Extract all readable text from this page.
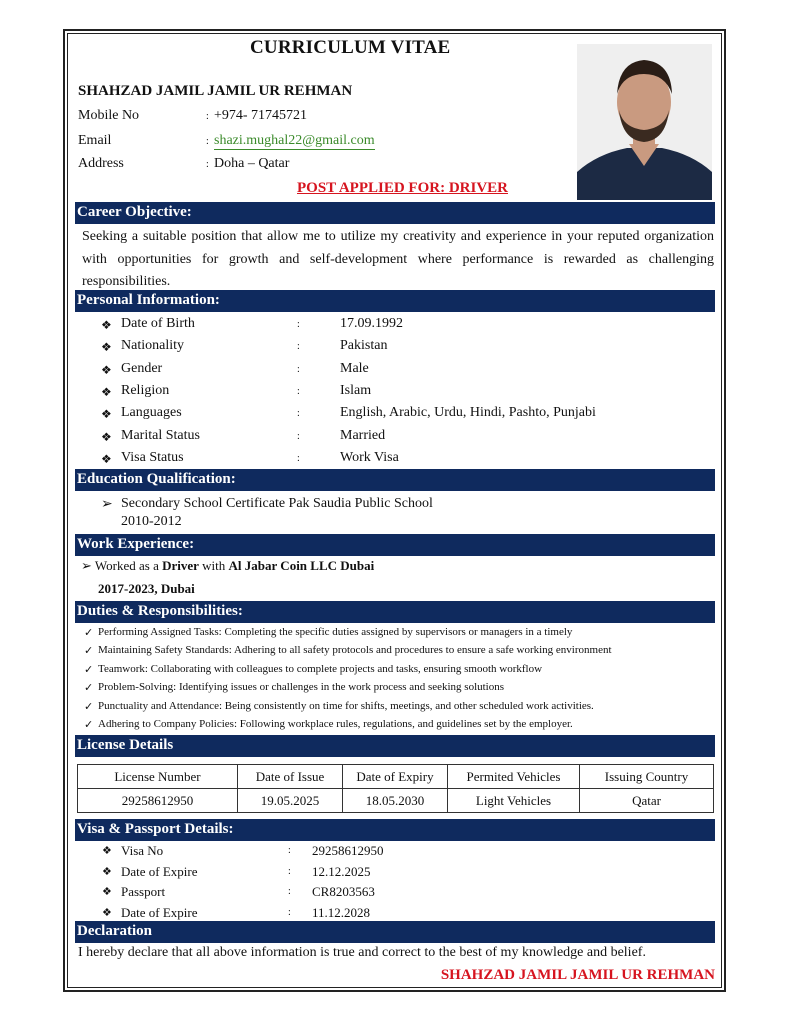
CURRICULUM VITAE
SHAHZAD JAMIL JAMIL UR REHMAN
Mobile No	: +974- 71745721
Email	: shazi.mughal22@gmail.com
Address	: Doha – Qatar
POST APPLIED FOR: DRIVER
Career Objective:
Seeking a suitable position that allow me to utilize my creativity and experience in your reputed organization with opportunities for growth and self-development where performance is rewarded as challenging responsibilities.
Personal Information:
❖ Date of Birth	:	17.09.1992
❖ Nationality	:	Pakistan
❖ Gender	:	Male
❖ Religion	:	Islam
❖ Languages	:	English, Arabic, Urdu, Hindi, Pashto, Punjabi
❖ Marital Status	:	Married
❖ Visa Status	:	Work Visa
Education Qualification:
➢ Secondary School Certificate Pak Saudia Public School
2010-2012
Work Experience:
➢ Worked as a Driver with Al Jabar Coin LLC Dubai
2017-2023, Dubai
Duties & Responsibilities:
✓ Performing Assigned Tasks: Completing the specific duties assigned by supervisors or managers in a timely
✓ Maintaining Safety Standards: Adhering to all safety protocols and procedures to ensure a safe working environment
✓ Teamwork: Collaborating with colleagues to complete projects and tasks, ensuring smooth workflow
✓ Problem-Solving: Identifying issues or challenges in the work process and seeking solutions
✓ Punctuality and Attendance: Being consistently on time for shifts, meetings, and other scheduled work activities.
✓ Adhering to Company Policies: Following workplace rules, regulations, and guidelines set by the employer.
License Details
License Number	Date of Issue	Date of Expiry	Permited Vehicles	Issuing Country
29258612950	19.05.2025	18.05.2030	Light Vehicles	Qatar
Visa & Passport Details:
❖ Visa No	: 29258612950
❖ Date of Expire	: 12.12.2025
❖ Passport	: CR8203563
❖ Date of Expire	: 11.12.2028
Declaration
I hereby declare that all above information is true and correct to the best of my knowledge and belief.
SHAHZAD JAMIL JAMIL UR REHMAN
